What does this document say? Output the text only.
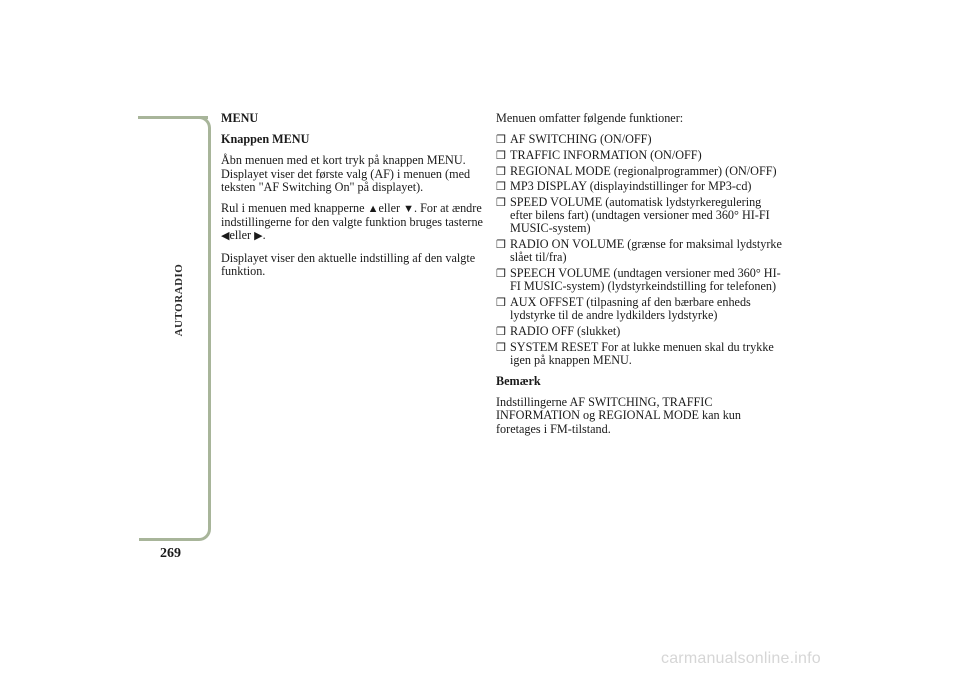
AUTORADIO
269
MENU
Knappen MENU

Åbn menuen med et kort tryk på knappen MENU. Displayet viser det første valg (AF) i menuen (med teksten "AF Switching On" på displayet).

Rul i menuen med knapperne ▲eller ▼. For at ændre indstillingerne for den valgte funktion bruges tasterne ◀eller ▶.

Displayet viser den aktuelle indstilling af den valgte funktion.

Menuen omfatter følgende funktioner:

❒ AF SWITCHING (ON/OFF)
❒ TRAFFIC INFORMATION (ON/OFF)
❒ REGIONAL MODE (regionalprogrammer) (ON/OFF)
❒ MP3 DISPLAY (displayindstillinger for MP3-cd)
❒ SPEED VOLUME (automatisk lydstyrkeregulering efter bilens fart) (undtagen versioner med 360° HI-FI MUSIC-system)
❒ RADIO ON VOLUME (grænse for maksimal lydstyrke slået til/fra)
❒ SPEECH VOLUME (undtagen versioner med 360° HI-FI MUSIC-system) (lydstyrkeindstilling for telefonen)
❒ AUX OFFSET (tilpasning af den bærbare enheds lydstyrke til de andre lydkilders lydstyrke)
❒ RADIO OFF (slukket)
❒ SYSTEM RESET For at lukke menuen skal du trykke igen på knappen MENU.
Bemærk

Indstillingerne AF SWITCHING, TRAFFIC INFORMATION og REGIONAL MODE kan kun foretages i FM-tilstand.

carmanualsonline.info
